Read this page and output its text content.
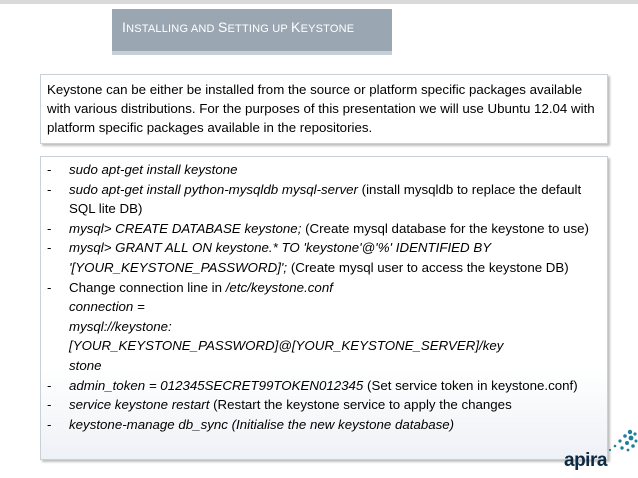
INSTALLING AND SETTING UP KEYSTONE
Keystone can be either be installed from the source or platform specific packages available with various distributions. For the purposes of this presentation we will use Ubuntu 12.04 with platform specific packages available in the repositories.
- sudo apt-get install keystone
- sudo apt-get install python-mysqldb mysql-server (install mysqldb to replace the default SQL lite DB)
- mysql> CREATE DATABASE keystone; (Create mysql database for the keystone to use)
- mysql> GRANT ALL ON keystone.* TO 'keystone'@'%' IDENTIFIED BY '[YOUR_KEYSTONE_PASSWORD]'; (Create mysql user to access the keystone DB)
- Change connection line in /etc/keystone.conf
connection =
mysql://keystone:[YOUR_KEYSTONE_PASSWORD]@[YOUR_KEYSTONE_SERVER]/key
stone
- admin_token = 012345SECRET99TOKEN012345 (Set service token in keystone.conf)
- service keystone restart (Restart the keystone service to apply the changes
- keystone-manage db_sync (Initialise the new keystone database)
apira
